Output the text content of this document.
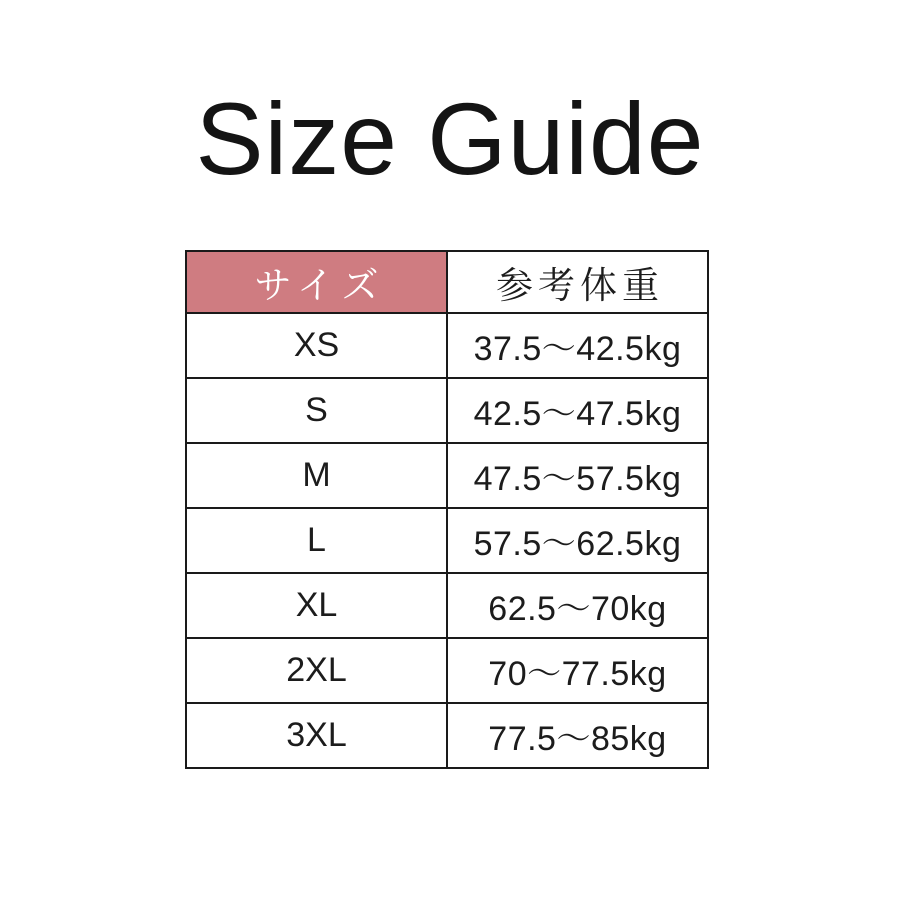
Size Guide
サイズ	参考体重
XS	37.5〜42.5kg
S	42.5〜47.5kg
M	47.5〜57.5kg
L	57.5〜62.5kg
XL	62.5〜70kg
2XL	70〜77.5kg
3XL	77.5〜85kg
